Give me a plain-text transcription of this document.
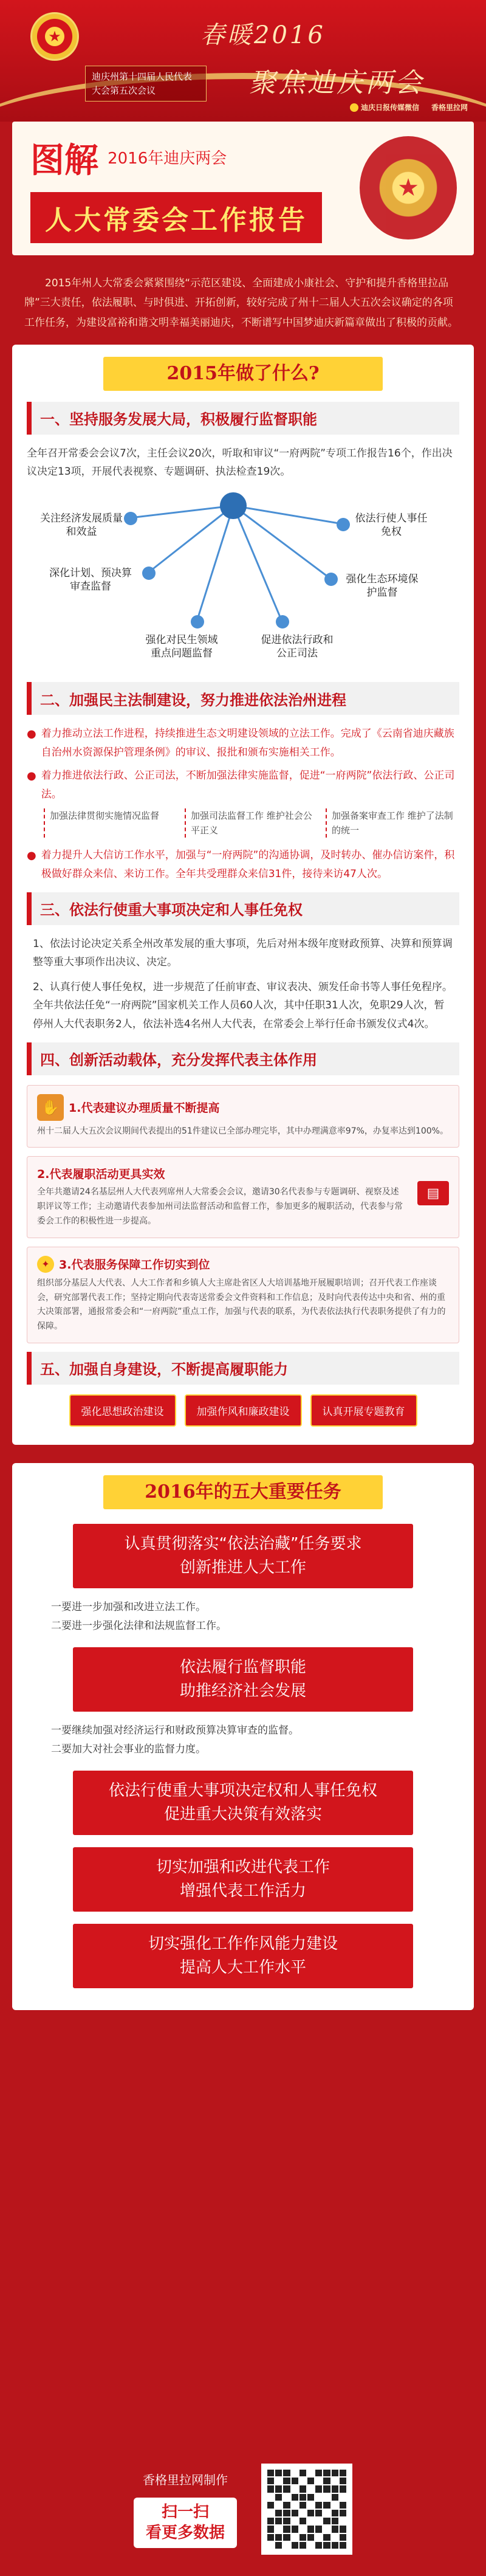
★	春暖2016
聚焦迪庆两会
迪庆州第十四届人民代表大会第五次会议
迪庆日报传媒微信 香格里拉网
图解 2016年迪庆两会
人大常委会工作报告
★

2015年州人大常委会紧紧围绕“示范区建设、全面建成小康社会、守护和提升香格里拉品牌”三大责任，依法履职、与时俱进、开拓创新，较好完成了州十二届人大五次会议确定的各项工作任务，为建设富裕和谐文明幸福美丽迪庆，不断谱写中国梦迪庆新篇章做出了积极的贡献。

2015年做了什么?
一、坚持服务发展大局，积极履行监督职能

全年召开常委会会议7次，主任会议20次，听取和审议“一府两院”专项工作报告16个，作出决议决定13项，开展代表视察、专题调研、执法检查19次。

关注经济发展质量和效益
深化计划、预决算审查监督
强化对民生领域重点问题监督
促进依法行政和公正司法
强化生态环境保护监督
依法行使人事任免权
二、加强民主法制建设，努力推进依法治州进程
● 着力推动立法工作进程，持续推进生态文明建设领域的立法工作。完成了《云南省迪庆藏族自治州水资源保护管理条例》的审议、报批和颁布实施相关工作。
● 着力推进依法行政、公正司法，不断加强法律实施监督，促进“一府两院”依法行政、公正司法。
加强法律贯彻实施情况监督	加强司法监督工作 维护社会公平正义
加强备案审查工作 维护了法制的统一
● 着力提升人大信访工作水平，加强与“一府两院”的沟通协调，及时转办、催办信访案件，积极做好群众来信、来访工作。全年共受理群众来信31件，接待来访47人次。
三、依法行使重大事项决定和人事任免权

1、依法讨论决定关系全州改革发展的重大事项，先后对州本级年度财政预算、决算和预算调整等重大事项作出决议、决定。

2、认真行使人事任免权，进一步规范了任前审查、审议表决、颁发任命书等人事任免程序。全年共依法任免“一府两院”国家机关工作人员60人次，其中任职31人次，免职29人次，暂停州人大代表职务2人，依法补选4名州人大代表，在常委会上举行任命书颁发仪式4次。

四、创新活动载体，充分发挥代表主体作用
✋ 1.代表建议办理质量不断提高
州十二届人大五次会议期间代表提出的51件建议已全部办理完毕，其中办理满意率97%，办复率达到100%。
2.代表履职活动更具实效
全年共邀请24名基层州人大代表列席州人大常委会会议，邀请30名代表参与专题调研、视察及述职评议等工作；主动邀请代表参加州司法监督活动和监督工作，参加更多的履职活动，代表参与常委会工作的积极性进一步提高。
▤
✦ 3.代表服务保障工作切实到位
组织部分基层人大代表、人大工作者和乡镇人大主席赴省区人大培训基地开展履职培训；召开代表工作座谈会，研究部署代表工作；坚持定期向代表寄送常委会文件资料和工作信息；及时向代表传达中央和省、州的重大决策部署，通报常委会和“一府两院”重点工作，加强与代表的联系，为代表依法执行代表职务提供了有力的保障。
五、加强自身建设，不断提高履职能力
强化思想政治建设	加强作风和廉政建设	认真开展专题教育
2016年的五大重要任务
认真贯彻落实“依法治藏”任务要求
创新推进人大工作

一要进一步加强和改进立法工作。

二要进一步强化法律和法规监督工作。

依法履行监督职能
助推经济社会发展

一要继续加强对经济运行和财政预算决算审查的监督。

二要加大对社会事业的监督力度。

依法行使重大事项决定权和人事任免权
促进重大决策有效落实
切实加强和改进代表工作
增强代表工作活力
切实强化工作作风能力建设
提高人大工作水平
香格里拉网制作
扫一扫
看更多数据
